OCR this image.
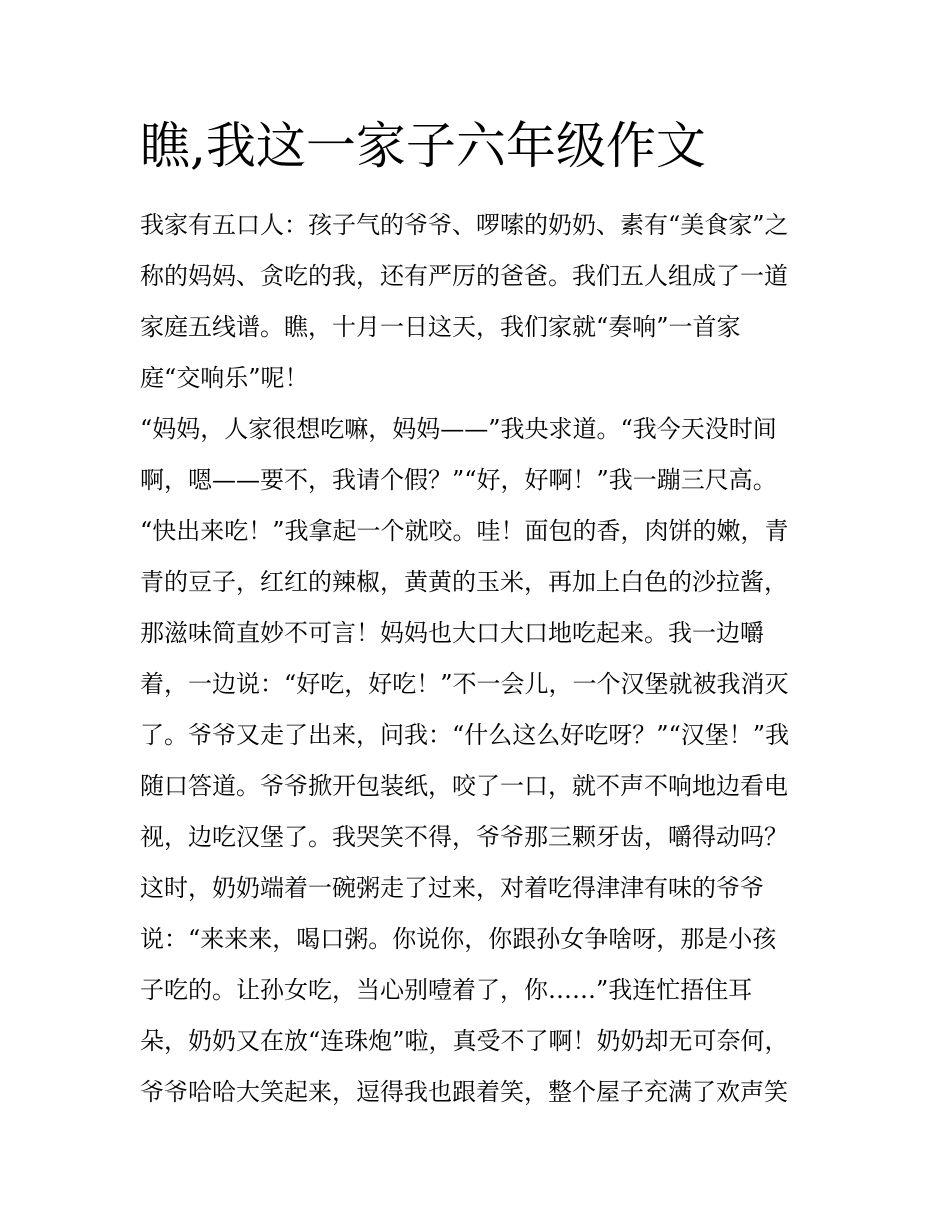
瞧,我这一家子六年级作文
我家有五口人：孩子气的爷爷、啰嗦的奶奶、素有“美食家”之
称的妈妈、贪吃的我，还有严厉的爸爸。我们五人组成了一道
家庭五线谱。瞧，十月一日这天，我们家就“奏响”一首家
庭“交响乐”呢！
“妈妈，人家很想吃嘛，妈妈——”我央求道。“我今天没时间
啊，嗯——要不，我请个假？”“好，好啊！”我一蹦三尺高。
“快出来吃！”我拿起一个就咬。哇！面包的香，肉饼的嫩，青
青的豆子，红红的辣椒，黄黄的玉米，再加上白色的沙拉酱，
那滋味简直妙不可言！妈妈也大口大口地吃起来。我一边嚼
着，一边说：“好吃，好吃！”不一会儿，一个汉堡就被我消灭
了。爷爷又走了出来，问我：“什么这么好吃呀？”“汉堡！”我
随口答道。爷爷掀开包装纸，咬了一口，就不声不响地边看电
视，边吃汉堡了。我哭笑不得，爷爷那三颗牙齿，嚼得动吗？
这时，奶奶端着一碗粥走了过来，对着吃得津津有味的爷爷
说：“来来来，喝口粥。你说你，你跟孙女争啥呀，那是小孩
子吃的。让孙女吃，当心别噎着了，你……”我连忙捂住耳
朵，奶奶又在放“连珠炮”啦，真受不了啊！奶奶却无可奈何，
爷爷哈哈大笑起来，逗得我也跟着笑，整个屋子充满了欢声笑
